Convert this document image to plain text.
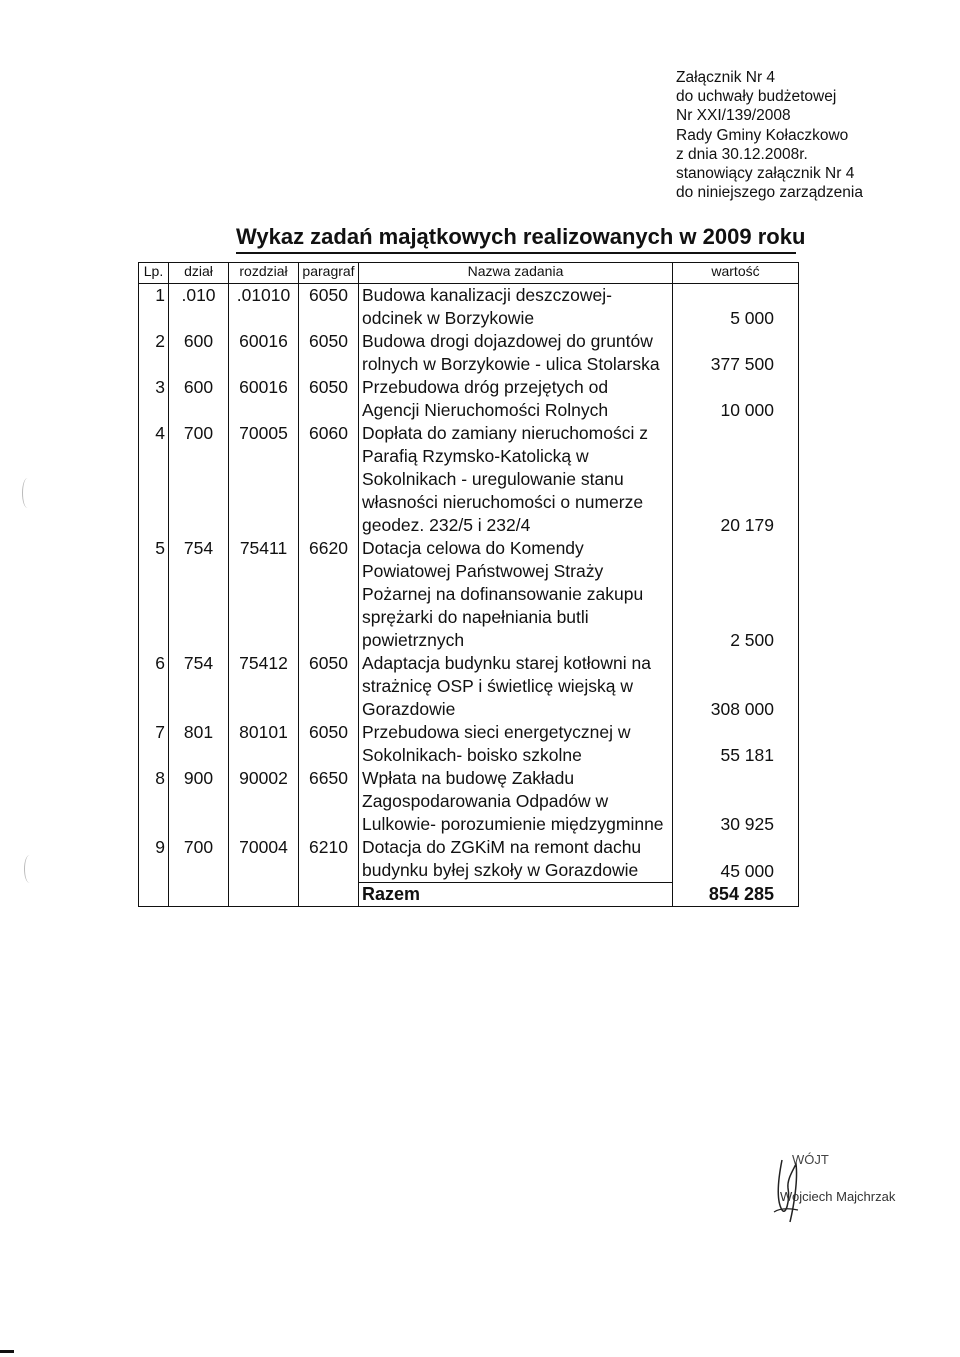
Załącznik Nr 4
do uchwały budżetowej
Nr XXI/139/2008
Rady Gminy Kołaczkowo
z dnia 30.12.2008r.
stanowiący załącznik Nr 4
do niniejszego zarządzenia
Wykaz zadań majątkowych realizowanych w 2009 roku
Lp.	dział	rozdział	paragraf	Nazwa zadania	wartość
1	.010	.01010	6050	Budowa kanalizacji deszczowej- odcinek w Borzykowie	5 000
2	600	60016	6050	Budowa drogi dojazdowej do gruntów rolnych w Borzykowie - ulica Stolarska	377 500
3	600	60016	6050	Przebudowa dróg przejętych od Agencji Nieruchomości Rolnych	10 000
4	700	70005	6060	Dopłata do zamiany nieruchomości z Parafią Rzymsko-Katolicką w Sokolnikach - uregulowanie stanu własności nieruchomości o numerze geodez. 232/5 i 232/4	20 179
5	754	75411	6620	Dotacja celowa do Komendy Powiatowej Państwowej Straży Pożarnej na dofinansowanie zakupu sprężarki do napełniania butli powietrznych	2 500
6	754	75412	6050	Adaptacja budynku starej kotłowni na strażnicę OSP i świetlicę wiejską w Gorazdowie	308 000
7	801	80101	6050	Przebudowa sieci energetycznej w Sokolnikach- boisko szkolne	55 181
8	900	90002	6650	Wpłata na budowę Zakładu Zagospodarowania Odpadów w Lulkowie- porozumienie międzygminne	30 925
9	700	70004	6210	Dotacja do ZGKiM na remont dachu budynku byłej szkoły w Gorazdowie	45 000
				Razem	854 285
WÓJT
Wojciech Majchrzak
